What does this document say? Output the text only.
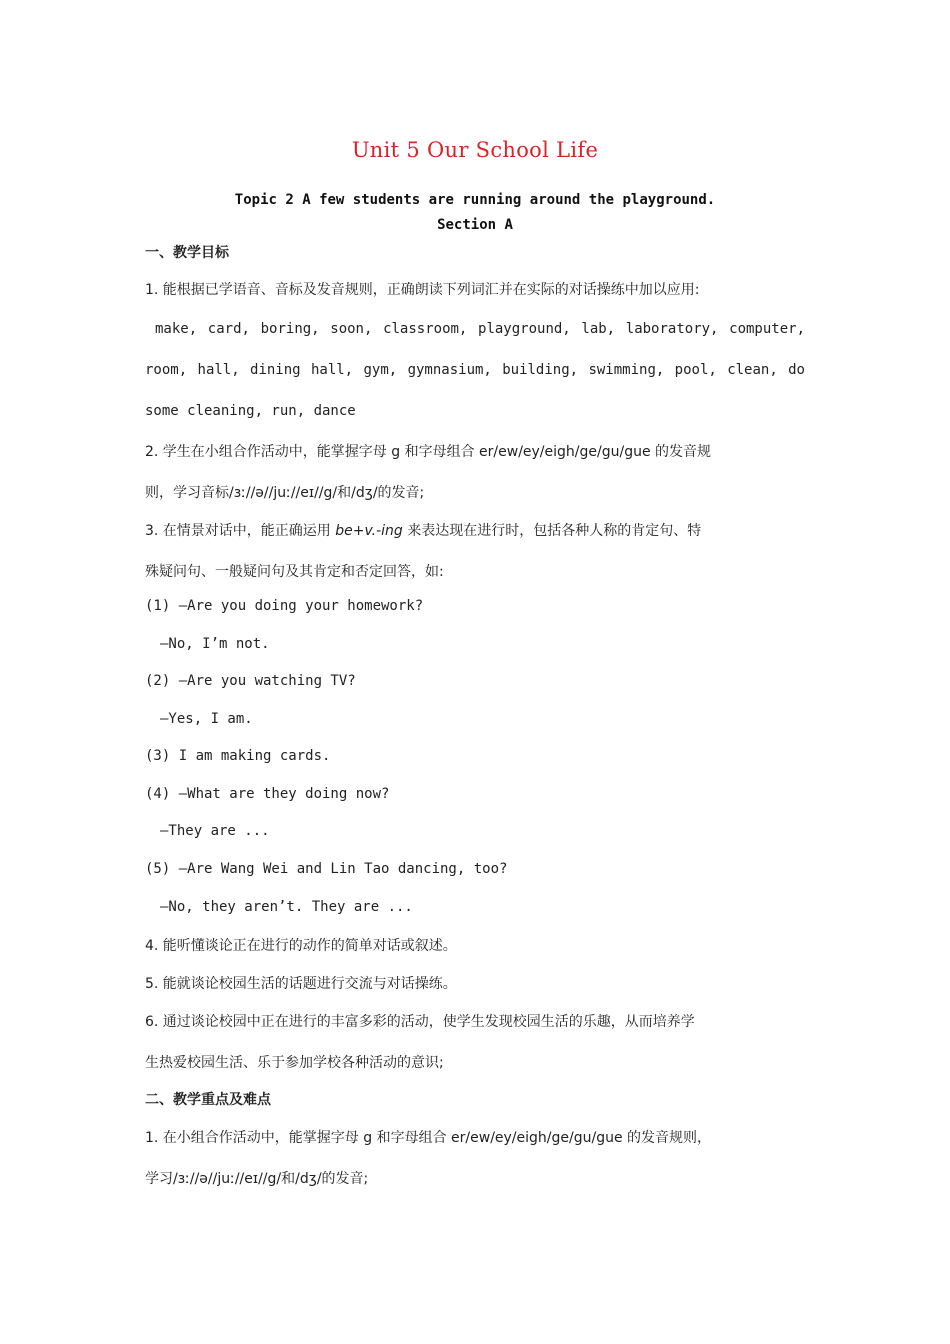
Unit 5 Our School Life
Topic 2 A few students are running around the playground.
Section A
一、教学目标
1. 能根据已学语音、音标及发音规则，正确朗读下列词汇并在实际的对话操练中加以应用:
make, card, boring, soon, classroom, playground, lab, laboratory, computer,
room, hall, dining hall, gym, gymnasium, building, swimming, pool, clean, do
some cleaning, run, dance
2. 学生在小组合作活动中，能掌握字母 g 和字母组合 er/ew/ey/eigh/ge/gu/gue 的发音规
则，学习音标/ɜː//ə//juː//eɪ//g/和/dʒ/的发音;
3. 在情景对话中，能正确运用 be+v.-ing 来表达现在进行时，包括各种人称的肯定句、特
殊疑问句、一般疑问句及其肯定和否定回答，如:
(1) —Are you doing your homework?
—No, I’m not.
(2) —Are you watching TV?
—Yes, I am.
(3) I am making cards.
(4) —What are they doing now?
—They are ...
(5) —Are Wang Wei and Lin Tao dancing, too?
—No, they aren’t. They are ...
4. 能听懂谈论正在进行的动作的简单对话或叙述。
5. 能就谈论校园生活的话题进行交流与对话操练。
6. 通过谈论校园中正在进行的丰富多彩的活动，使学生发现校园生活的乐趣，从而培养学
生热爱校园生活、乐于参加学校各种活动的意识;
二、教学重点及难点
1. 在小组合作活动中，能掌握字母 g 和字母组合 er/ew/ey/eigh/ge/gu/gue 的发音规则，
学习/ɜː//ə//juː//eɪ//g/和/dʒ/的发音;
